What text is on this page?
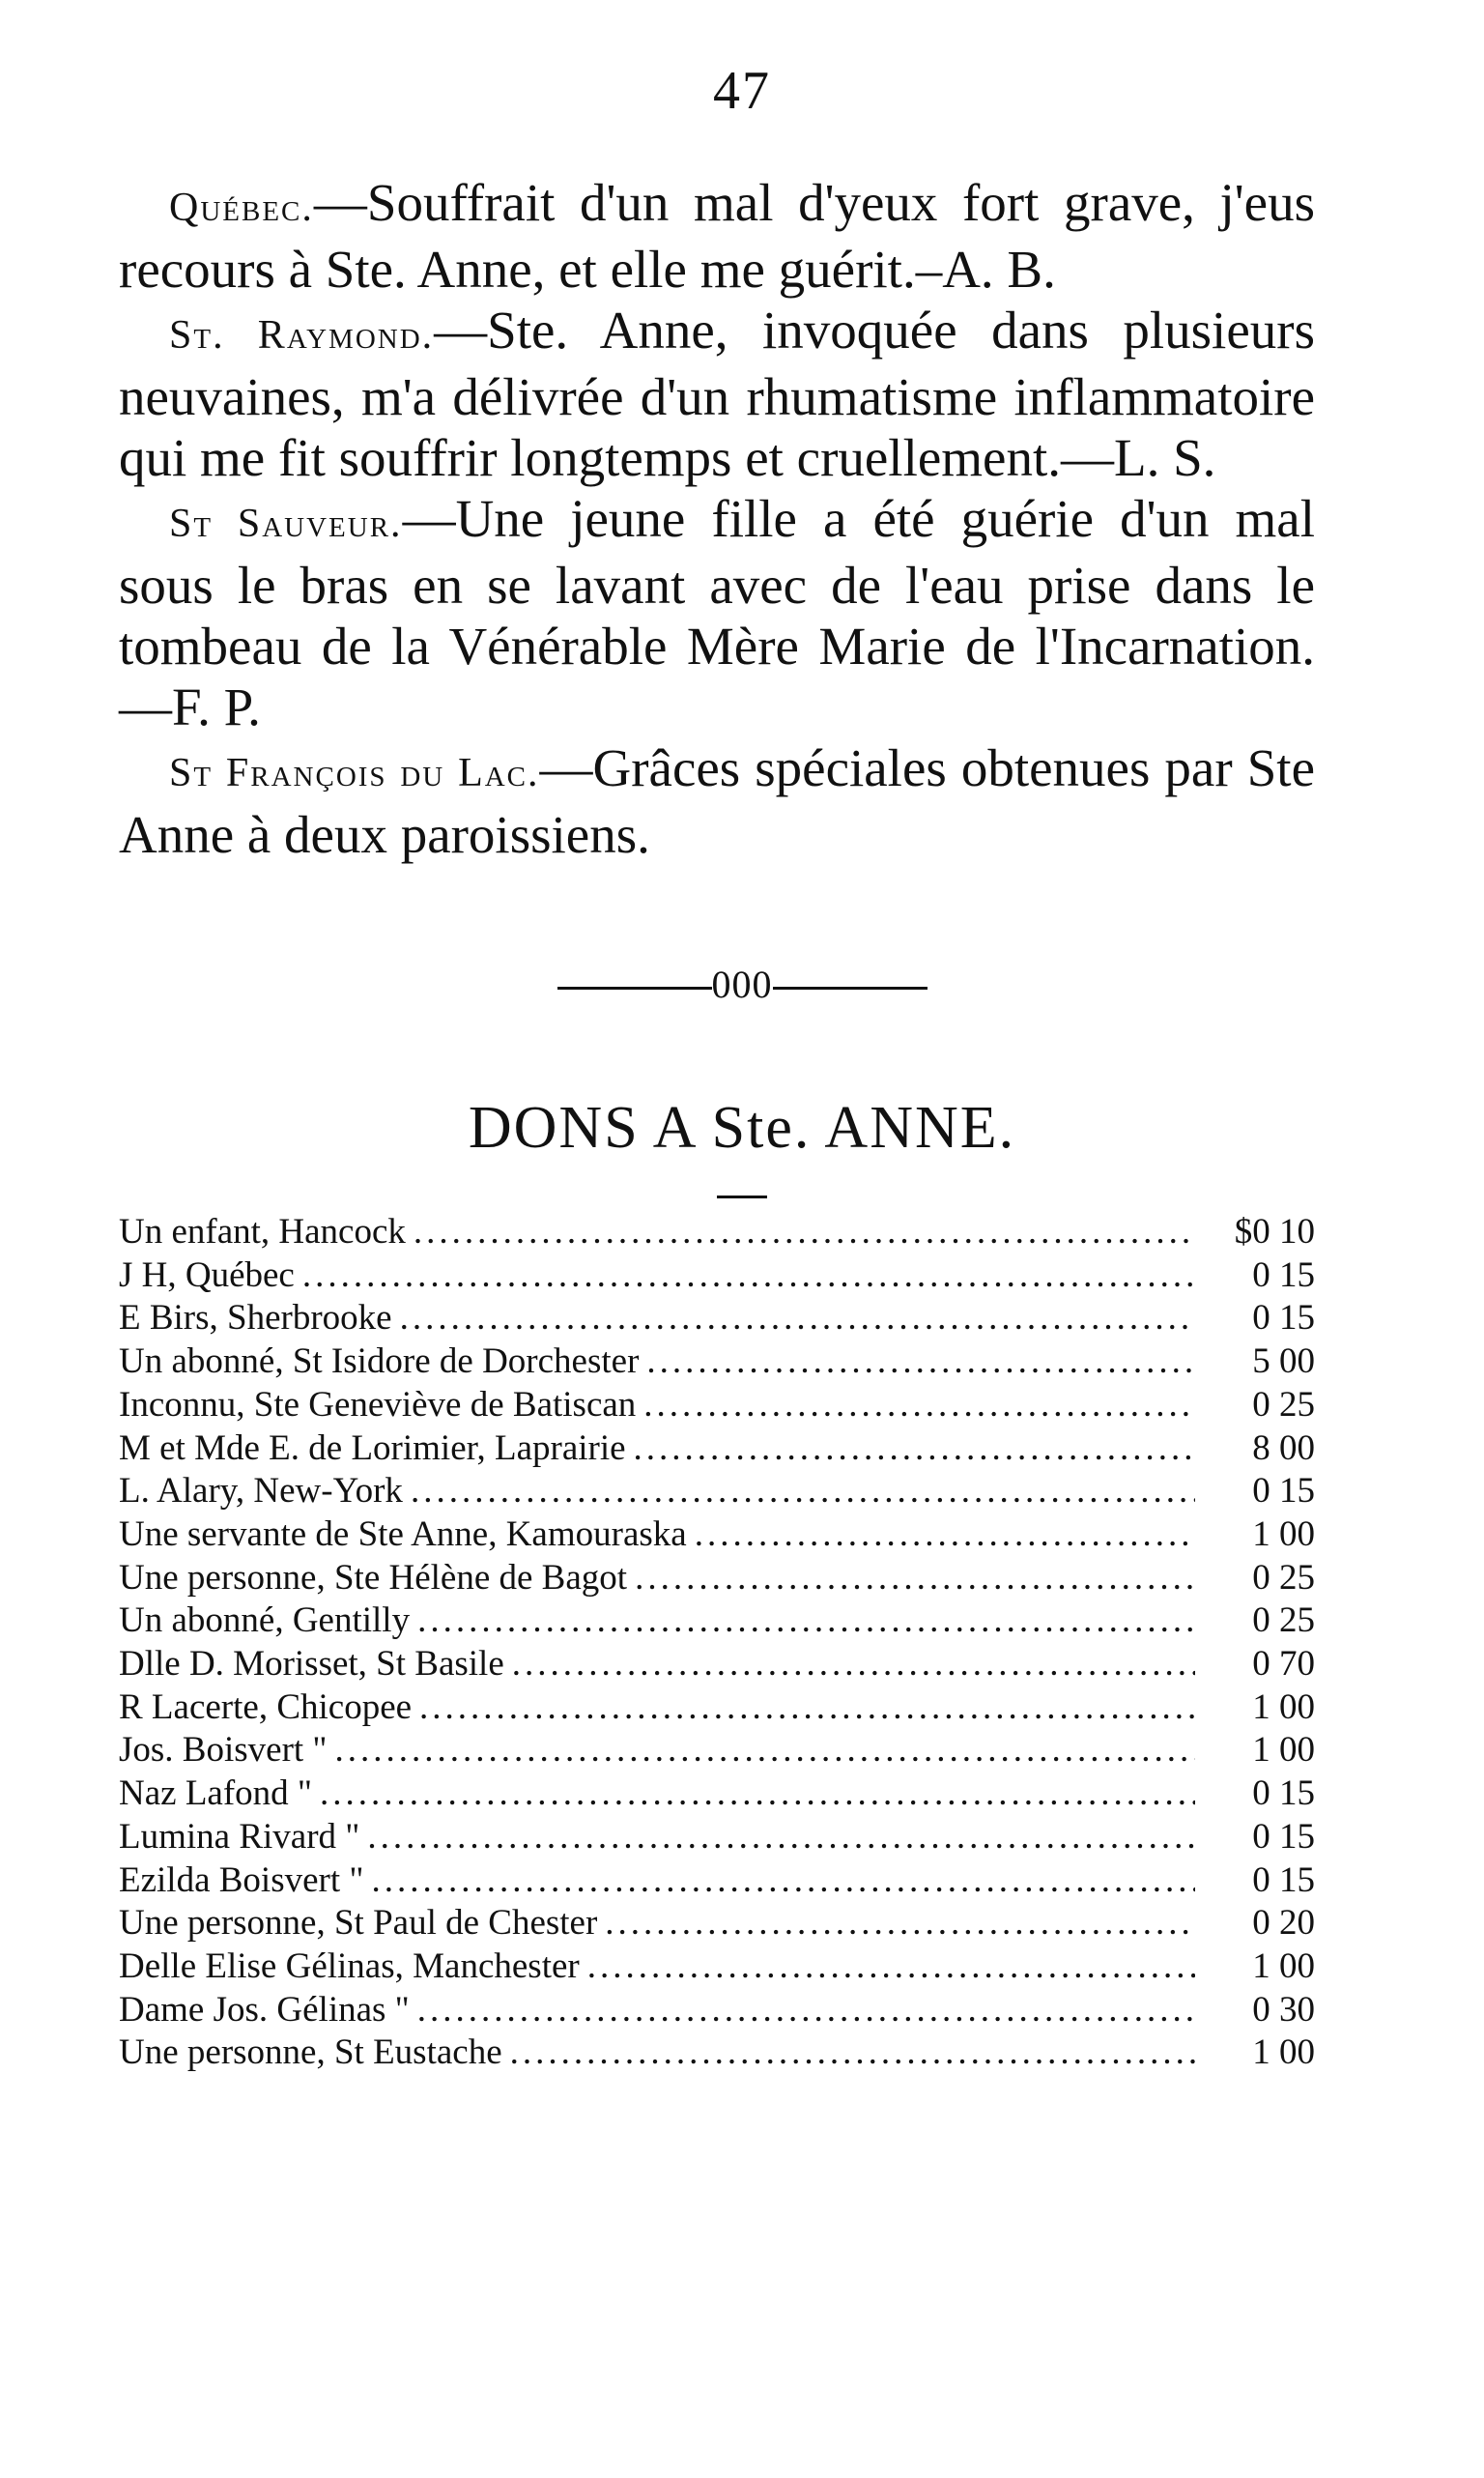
47

Québec.—Souffrait d'un mal d'yeux fort grave, j'eus recours à Ste. Anne, et elle me guérit.–A. B.

St. Raymond.—Ste. Anne, invoquée dans plusieurs neuvaines, m'a délivrée d'un rhumatisme inflammatoire qui me fit souffrir longtemps et cruellement.—L. S.

St Sauveur.—Une jeune fille a été guérie d'un mal sous le bras en se lavant avec de l'eau prise dans le tombeau de la Vénérable Mère Marie de l'Incarnation.—F. P.

St François du Lac.—Grâces spéciales obtenues par Ste Anne à deux paroissiens.

000
DONS A Ste. ANNE.
Un enfant, Hancock .....	$0 10
J H, Québec .....	0 15
E Birs, Sherbrooke .....	0 15
Un abonné, St Isidore de Dorchester .....	5 00
Inconnu, Ste Geneviève de Batiscan .....	0 25
M et Mde E. de Lorimier, Laprairie .....	8 00
L. Alary, New-York .....	0 15
Une servante de Ste Anne, Kamouraska .....	1 00
Une personne, Ste Hélène de Bagot .....	0 25
Un abonné, Gentilly .....	0 25
Dlle D. Morisset, St Basile .....	0 70
R Lacerte, Chicopee .....	1 00
Jos. Boisvert " .....	1 00
Naz Lafond " .....	0 15
Lumina Rivard " .....	0 15
Ezilda Boisvert " .....	0 15
Une personne, St Paul de Chester .....	0 20
Delle Elise Gélinas, Manchester .....	1 00
Dame Jos. Gélinas " .....	0 30
Une personne, St Eustache .....	1 00
